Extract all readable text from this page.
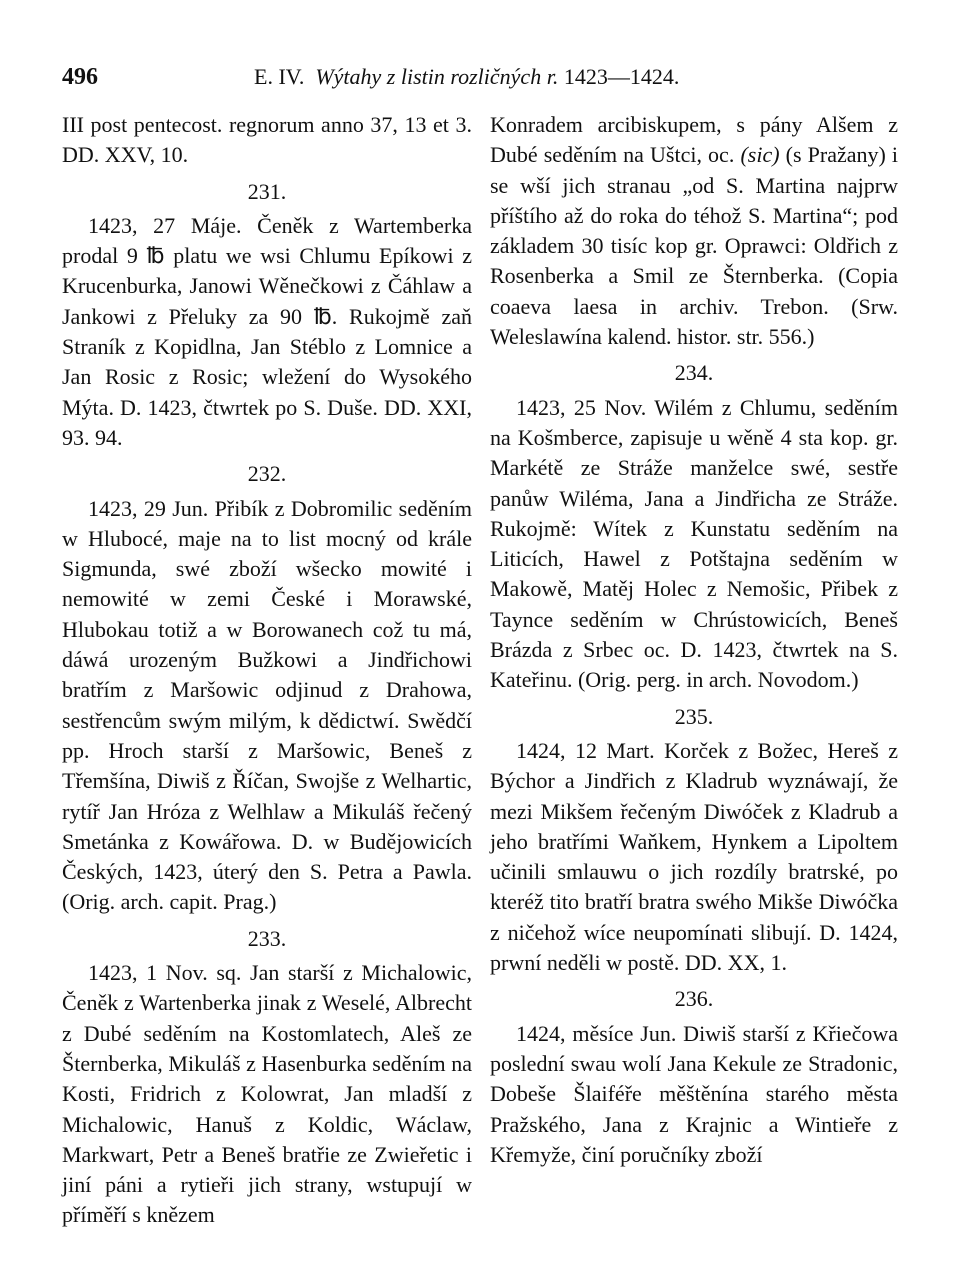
496	E. IV. Wýtahy z listin rozličných r. 1423—1424.

III post pentecost. regnorum anno 37, 13 et 3. DD. XXV, 10.

231.

1423, 27 Máje. Čeněk z Wartemberka prodal 9 ℔ platu we wsi Chlumu Epíkowi z Krucenburka, Janowi Wěnečkowi z Čáhlaw a Jankowi z Přeluky za 90 ℔. Rukojmě zaň Straník z Kopidlna, Jan Stéblo z Lomnice a Jan Rosic z Rosic; wležení do Wysokého Mýta. D. 1423, čtwrtek po S. Duše. DD. XXI, 93. 94.

232.

1423, 29 Jun. Přibík z Dobromilic seděním w Hlubocé, maje na to list mocný od krále Sigmunda, swé zboží wšecko mowité i nemowité w zemi České i Morawské, Hlubokau totiž a w Borowanech což tu má, dáwá urozeným Bužkowi a Jindřichowi bratřím z Maršowic odjinud z Drahowa, sestřencům swým milým, k dědictwí. Swědčí pp. Hroch starší z Maršowic, Beneš z Třemšína, Diwiš z Říčan, Swojše z Welhartic, rytíř Jan Hróza z Welhlaw a Mikuláš řečený Smetánka z Kowářowa. D. w Budějowicích Českých, 1423, úterý den S. Petra a Pawla. (Orig. arch. capit. Prag.)

233.

1423, 1 Nov. sq. Jan starší z Michalowic, Čeněk z Wartenberka jinak z Weselé, Albrecht z Dubé seděním na Kostomlatech, Aleš ze Šternberka, Mikuláš z Hasenburka seděním na Kosti, Fridrich z Kolowrat, Jan mladší z Michalowic, Hanuš z Koldic, Wáclaw, Markwart, Petr a Beneš bratřie ze Zwieřetic i jiní páni a rytieři jich strany, wstupují w příměří s knězem

Konradem arcibiskupem, s pány Alšem z Dubé seděním na Uštci, oc. (sic) (s Pražany) i se wší jich stranau „od S. Martina najprw příštího až do roka do téhož S. Martina“; pod základem 30 tisíc kop gr. Oprawci: Oldřich z Rosenberka a Smil ze Šternberka. (Copia coaeva laesa in archiv. Trebon. (Srw. Weleslawína kalend. histor. str. 556.)

234.

1423, 25 Nov. Wilém z Chlumu, seděním na Košmberce, zapisuje u wěně 4 sta kop. gr. Markétě ze Stráže manželce swé, sestře panůw Wiléma, Jana a Jindřicha ze Stráže. Rukojmě: Wítek z Kunstatu seděním na Liticích, Hawel z Potštajna seděním w Makowě, Matěj Holec z Nemošic, Přibek z Taynce seděním w Chrústowicích, Beneš Brázda z Srbec oc. D. 1423, čtwrtek na S. Kateřinu. (Orig. perg. in arch. Novodom.)

235.

1424, 12 Mart. Korček z Božec, Hereš z Býchor a Jindřich z Kladrub wyznáwají, že mezi Mikšem řečeným Diwóček z Kladrub a jeho bratřími Waňkem, Hynkem a Lipoltem učinili smlauwu o jich rozdíly bratrské, po kteréž tito bratří bratra swého Mikše Diwóčka z ničehož wíce neupomínati slibují. D. 1424, prwní neděli w postě. DD. XX, 1.

236.

1424, měsíce Jun. Diwiš starší z Křiečowa poslední swau wolí Jana Kekule ze Stradonic, Dobeše Šlaiféře měštěnína starého města Pražského, Jana z Krajnic a Wintieře z Křemyže, činí poručníky zboží
